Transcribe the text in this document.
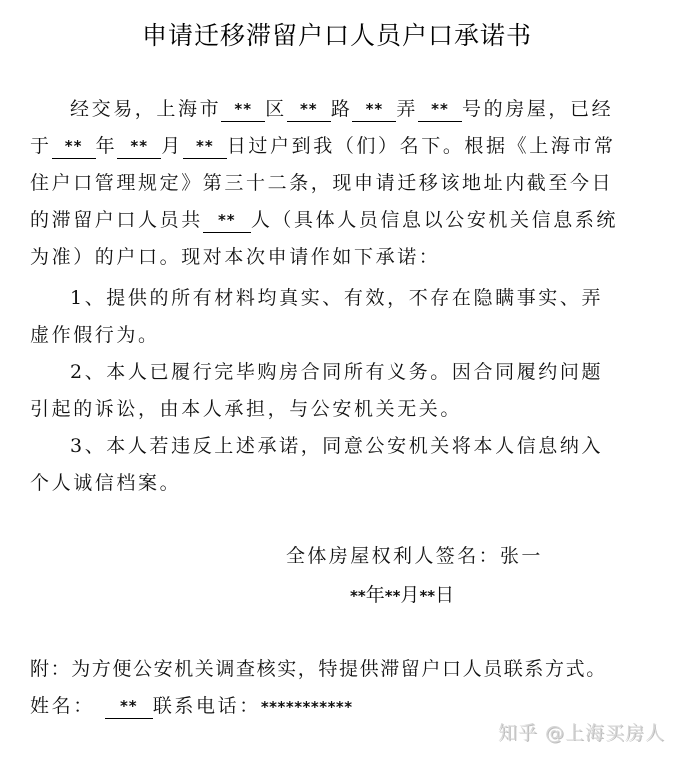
申请迁移滞留户口人员户口承诺书
经交易，上海市 ** 区 ** 路 ** 弄 ** 号的房屋，已经
于 ** 年 ** 月 ** 日过户到我（们）名下。根据《上海市常
住户口管理规定》第三十二条，现申请迁移该地址内截至今日
的滞留户口人员共 ** 人（具体人员信息以公安机关信息系统
为准）的户口。现对本次申请作如下承诺：
1、提供的所有材料均真实、有效，不存在隐瞒事实、弄
虚作假行为。
2、本人已履行完毕购房合同所有义务。因合同履约问题
引起的诉讼，由本人承担，与公安机关无关。
3、本人若违反上述承诺，同意公安机关将本人信息纳入
个人诚信档案。
全体房屋权利人签名：张一
**年**月**日
附：为方便公安机关调查核实，特提供滞留户口人员联系方式。
姓名： ** 联系电话：***********
知乎 @上海买房人
